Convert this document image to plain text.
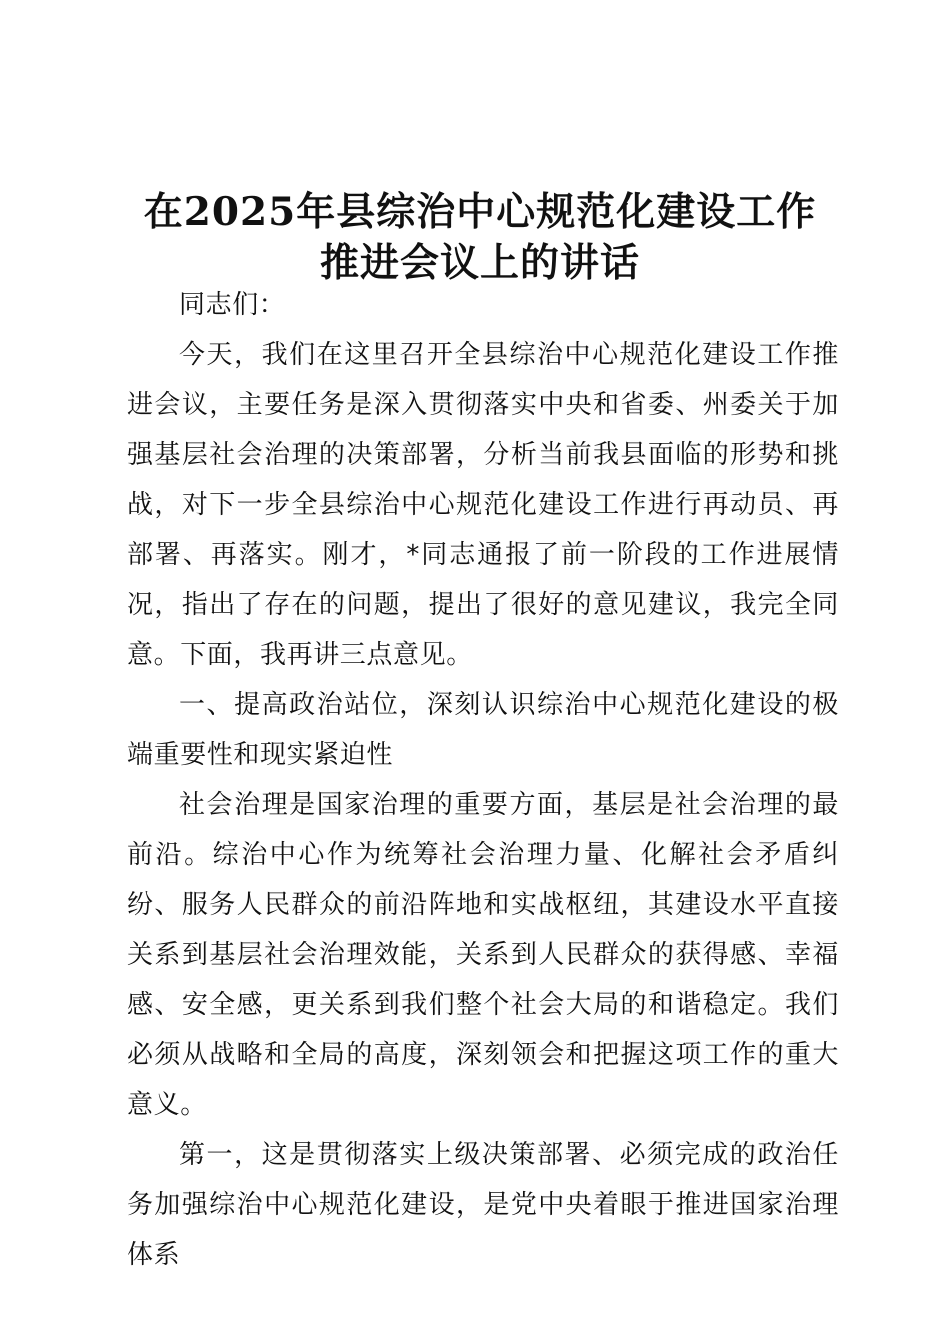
在2025年县综治中心规范化建设工作
推进会议上的讲话

同志们：

今天，我们在这里召开全县综治中心规范化建设工作推进会议，主要任务是深入贯彻落实中央和省委、州委关于加强基层社会治理的决策部署，分析当前我县面临的形势和挑战，对下一步全县综治中心规范化建设工作进行再动员、再部署、再落实。刚才，*同志通报了前一阶段的工作进展情况，指出了存在的问题，提出了很好的意见建议，我完全同意。下面，我再讲三点意见。

一、提高政治站位，深刻认识综治中心规范化建设的极端重要性和现实紧迫性

社会治理是国家治理的重要方面，基层是社会治理的最前沿。综治中心作为统筹社会治理力量、化解社会矛盾纠纷、服务人民群众的前沿阵地和实战枢纽，其建设水平直接关系到基层社会治理效能，关系到人民群众的获得感、幸福感、安全感，更关系到我们整个社会大局的和谐稳定。我们必须从战略和全局的高度，深刻领会和把握这项工作的重大意义。

第一，这是贯彻落实上级决策部署、必须完成的政治任务加强综治中心规范化建设，是党中央着眼于推进国家治理体系
